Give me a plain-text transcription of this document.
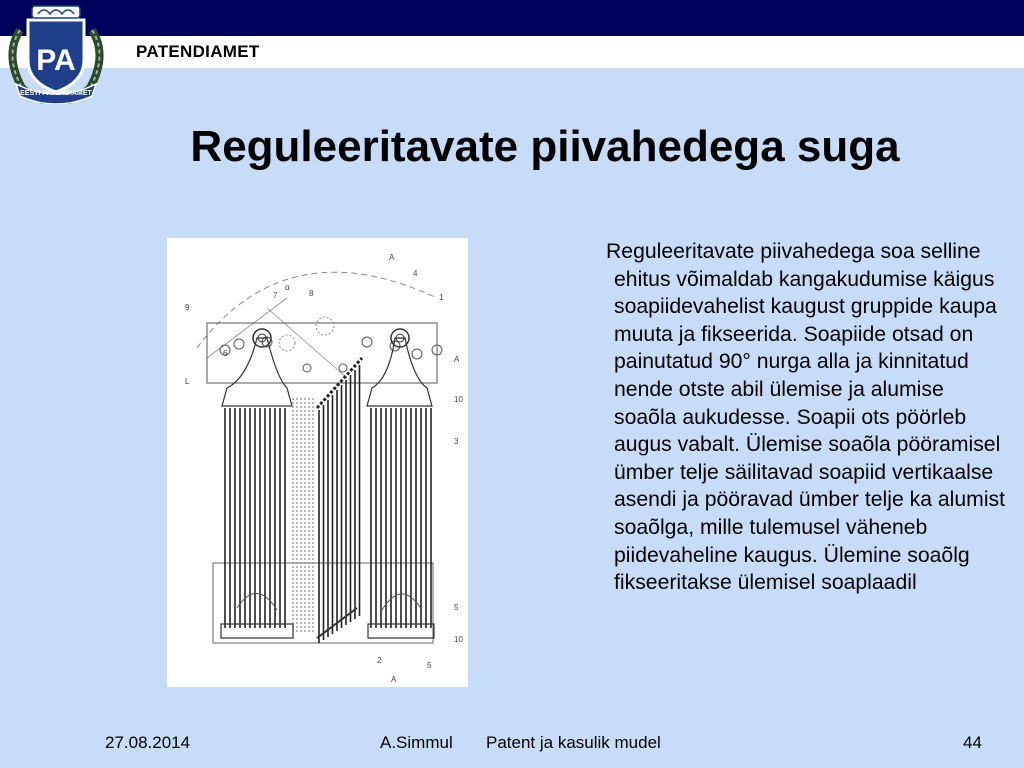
PA
EESTI PATENDIAMET
PATENDIAMET
Reguleeritavate piivahedega suga
A
4
7
α
8
9
1
6
A
L
10
3
5
10
2
5
A
Reguleeritavate piivahedega soa selline ehitus võimaldab kangakudumise käigus soapiidevahelist kaugust gruppide kaupa muuta ja fikseerida. Soapiide otsad on painutatud 90° nurga alla ja kinnitatud nende otste abil ülemise ja alumise soaõla aukudesse. Soapii ots pöörleb augus vabalt. Ülemise soaõla pööramisel ümber telje säilitavad soapiid vertikaalse asendi ja pööravad ümber telje ka alumist soaõlga, mille tulemusel väheneb piidevaheline kaugus. Ülemine soaõlg fikseeritakse ülemisel soaplaadil
27.08.2014	A.Simmul Patent ja kasulik mudel	44
